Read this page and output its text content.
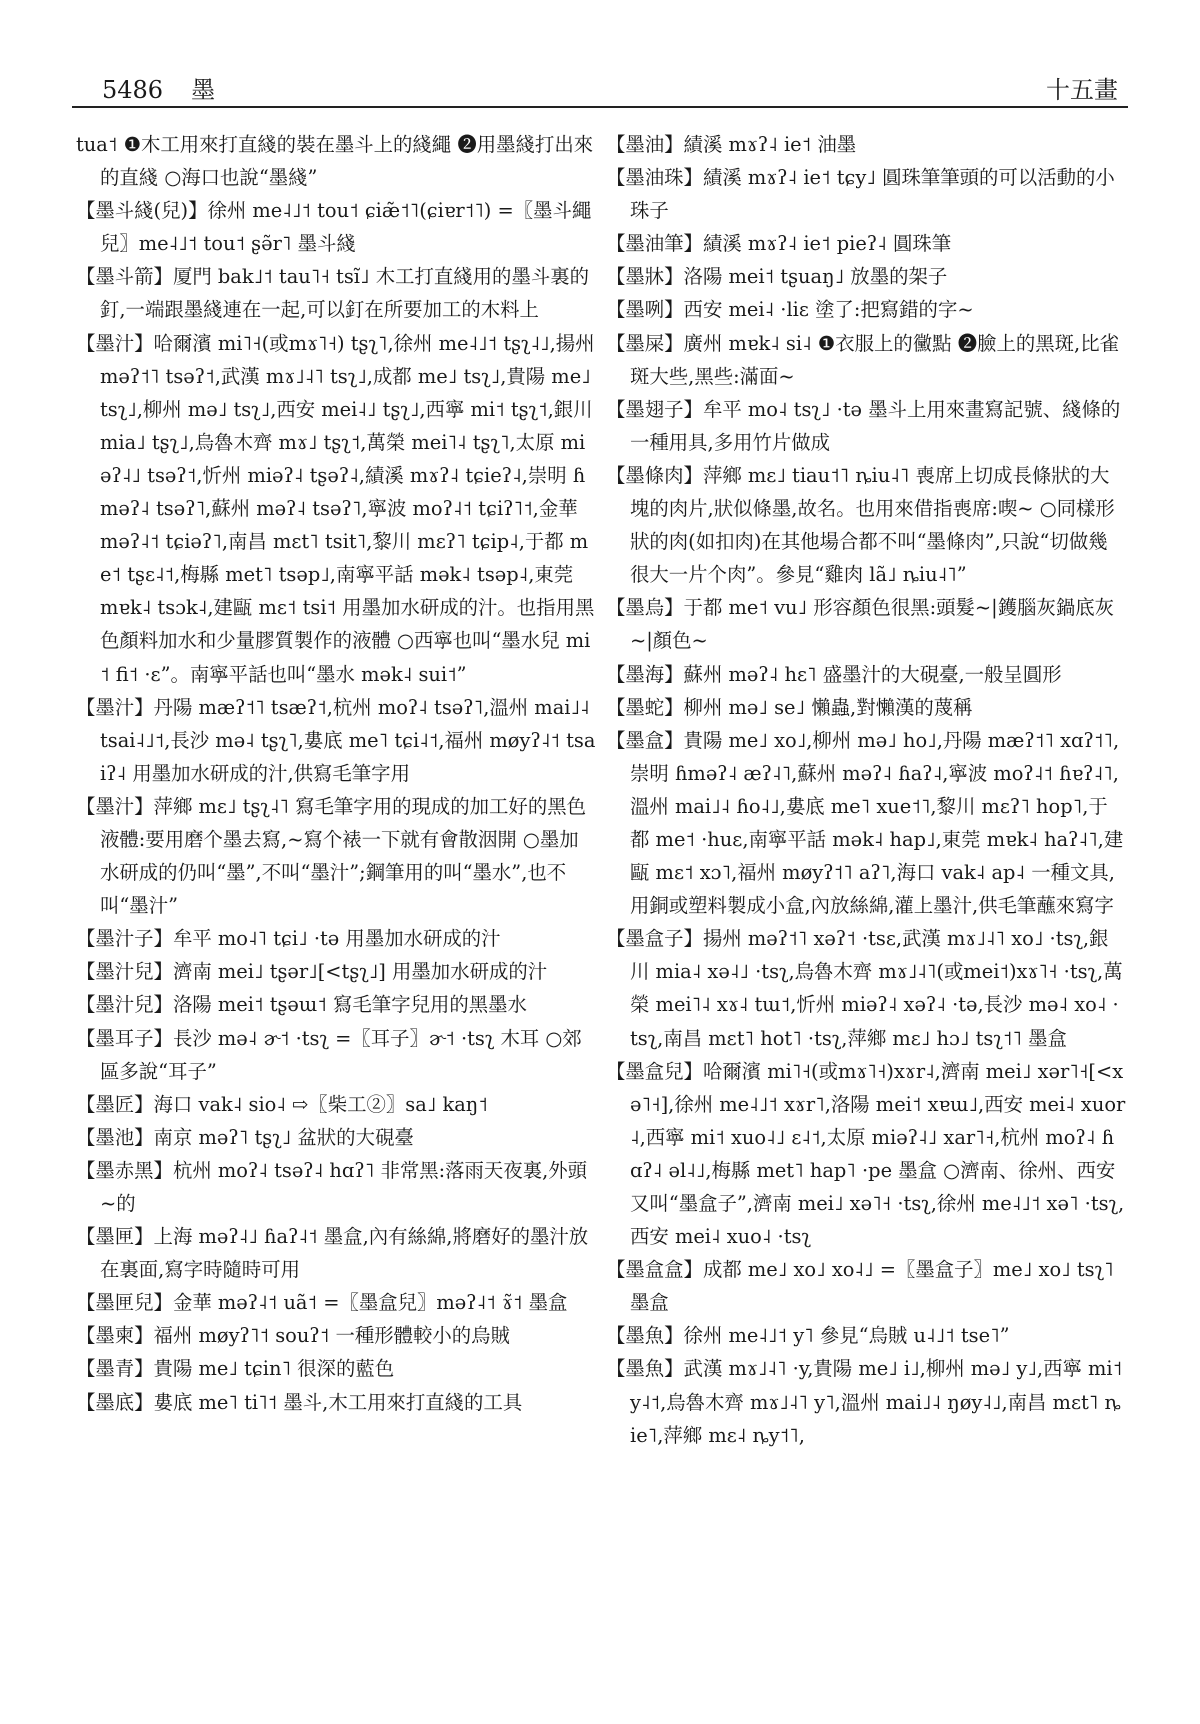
5486 墨	十五畫

tua˦ ❶木工用來打直綫的裝在墨斗上的綫繩 ❷用墨綫打出來的直綫 ○海口也說“墨綫”

【墨斗綫(兒)】徐州 me˨˩˦ tou˦ ɕiæ̃˦˥(ɕiɐr˦˥) =〖墨斗繩兒〗me˨˩˦ tou˦ ʂə̃r˥ 墨斗綫

【墨斗箭】厦門 bak˩˦ tau˥˧ tsĩ˩ 木工打直綫用的墨斗裏的釘,一端跟墨綫連在一起,可以釘在所要加工的木料上

【墨汁】哈爾濱 mi˥˧(或mɤ˥˧) tʂʅ˥,徐州 me˨˩˦ tʂʅ˨˩,揚州 məʔ˦˥ tsəʔ˦,武漢 mɤ˩˨˥ tsʅ˩,成都 me˩ tsʅ˩,貴陽 me˩ tsʅ˩,柳州 mə˩ tsʅ˩,西安 mei˨˩ tʂʅ˩,西寧 mi˦ tʂʅ˦,銀川 mia˩ tʂʅ˩,烏魯木齊 mɤ˩ tʂʅ˦,萬榮 mei˥˨ tʂʅ˥,太原 miəʔ˨˩ tsəʔ˦,忻州 miəʔ˨ tʂəʔ˨,績溪 mɤʔ˨ tɕieʔ˨,崇明 ɦməʔ˨ tsəʔ˥,蘇州 məʔ˨ tsəʔ˥,寧波 moʔ˨˦ tɕiʔ˥˦,金華 məʔ˨˦ tɕiəʔ˥,南昌 mɛt˥ tsit˥,黎川 mɛʔ˥ tɕip˨,于都 me˦ tʂɛ˨˦,梅縣 met˥ tsəp˩,南寧平話 mək˨ tsəp˨,東莞 mɐk˨ tsɔk˨,建甌 mɛ˦ tsi˦ 用墨加水研成的汁。也指用黑色顏料加水和少量膠質製作的液體 ○西寧也叫“墨水兒 mi˦ fi˦ ·ɛ”。南寧平話也叫“墨水 mək˨ sui˦”

【墨汁】丹陽 mæʔ˦˥ tsæʔ˦,杭州 moʔ˨ tsəʔ˥,溫州 mai˩˨ tsai˨˩˦,長沙 mə˨ tʂʅ˥,婁底 me˥ tɕi˨˦,福州 møyʔ˨˦ tsaiʔ˨ 用墨加水研成的汁,供寫毛筆字用

【墨汁】萍鄉 mɛ˩ tʂʅ˨˥ 寫毛筆字用的現成的加工好的黑色液體:要用磨个墨去寫,~寫个裱一下就有會散洇開 ○墨加水研成的仍叫“墨”,不叫“墨汁”;鋼筆用的叫“墨水”,也不叫“墨汁”

【墨汁子】牟平 mo˨˥ tɕi˩ ·tə 用墨加水研成的汁

【墨汁兒】濟南 mei˩ tʂər˩[<tʂʅ˩] 用墨加水研成的汁

【墨汁兒】洛陽 mei˦ tʂəɯ˦ 寫毛筆字兒用的黑墨水

【墨耳子】長沙 mə˨ ɚ˦ ·tsʅ =〖耳子〗ɚ˦ ·tsʅ 木耳 ○郊區多說“耳子”

【墨匠】海口 vak˨ sio˨ ⇨〖柴工②〗sa˩ kaŋ˦

【墨池】南京 məʔ˥ tʂʅ˩ 盆狀的大硯臺

【墨赤黑】杭州 moʔ˨ tsəʔ˨ hɑʔ˥ 非常黑:落雨天夜裏,外頭~的

【墨匣】上海 məʔ˨˩ ɦaʔ˨˦ 墨盒,內有絲綿,將磨好的墨汁放在裏面,寫字時隨時可用

【墨匣兒】金華 məʔ˨˦ uã˦ =〖墨盒兒〗məʔ˨˦ ɤ̃˦ 墨盒

【墨柬】福州 møyʔ˥˦ souʔ˦ 一種形體較小的烏賊

【墨青】貴陽 me˩ tɕin˥ 很深的藍色

【墨底】婁底 me˥ ti˥˦ 墨斗,木工用來打直綫的工具

【墨油】績溪 mɤʔ˨ ie˦ 油墨

【墨油珠】績溪 mɤʔ˨ ie˦ tɕy˩ 圓珠筆筆頭的可以活動的小珠子

【墨油筆】績溪 mɤʔ˨ ie˦ pieʔ˨ 圓珠筆

【墨牀】洛陽 mei˦ tʂuaŋ˩ 放墨的架子

【墨咧】西安 mei˨ ·liɛ 塗了:把寫錯的字~

【墨屎】廣州 mɐk˨ si˨ ❶衣服上的黴點 ❷臉上的黑斑,比雀斑大些,黑些:滿面~

【墨翅子】牟平 mo˨ tsʅ˩ ·tə 墨斗上用來畫寫記號、綫條的一種用具,多用竹片做成

【墨條肉】萍鄉 mɛ˩ tiau˦˥ ȵiu˨˥ 喪席上切成長條狀的大塊的肉片,狀似條墨,故名。也用來借指喪席:喫~ ○同樣形狀的肉(如扣肉)在其他場合都不叫“墨條肉”,只說“切做幾很大一片个肉”。參見“雞肉 lã˩ ȵiu˨˥”

【墨烏】于都 me˦ vu˩ 形容顏色很黑:頭髮~|鑊腦灰鍋底灰~|顏色~

【墨海】蘇州 məʔ˨ hɛ˥ 盛墨汁的大硯臺,一般呈圓形

【墨蛇】柳州 mə˩ se˩ 懶蟲,對懶漢的蔑稱

【墨盒】貴陽 me˩ xo˩,柳州 mə˩ ho˩,丹陽 mæʔ˦˥ xɑʔ˦˥,崇明 ɦməʔ˨ æʔ˨˥,蘇州 məʔ˨ ɦaʔ˨,寧波 moʔ˨˦ ɦɐʔ˨˥,溫州 mai˩˨ ɦo˨˩,婁底 me˥ xue˦˥,黎川 mɛʔ˥ hop˥,于都 me˦ ·huɛ,南寧平話 mək˨ hap˩,東莞 mɐk˨ haʔ˨˥,建甌 mɛ˦ xɔ˥,福州 møyʔ˦˥ aʔ˥,海口 vak˨ ap˨ 一種文具,用銅或塑料製成小盒,內放絲綿,灌上墨汁,供毛筆蘸來寫字

【墨盒子】揚州 məʔ˦˥ xəʔ˦ ·tsɛ,武漢 mɤ˩˨˥ xo˩ ·tsʅ,銀川 mia˨ xə˨˩ ·tsʅ,烏魯木齊 mɤ˩˨˥(或mei˦)xɤ˥˧ ·tsʅ,萬榮 mei˥˨ xɤ˨ tɯ˦,忻州 miəʔ˨ xəʔ˨ ·tə,長沙 mə˨ xo˨ ·tsʅ,南昌 mɛt˥ hot˥ ·tsʅ,萍鄉 mɛ˩ hɔ˩ tsʅ˦˥ 墨盒

【墨盒兒】哈爾濱 mi˥˧(或mɤ˥˧)xɤr˨,濟南 mei˩ xər˥˧[<xə˥˧],徐州 me˨˩˦ xɤr˥,洛陽 mei˦ xɐɯ˩,西安 mei˨ xuor˨,西寧 mi˦ xuo˨˩ ɛ˨˦,太原 miəʔ˨˩ xar˥˧,杭州 moʔ˨ ɦɑʔ˨ əl˨˩,梅縣 met˥ hap˥ ·pe 墨盒 ○濟南、徐州、西安又叫“墨盒子”,濟南 mei˩ xə˥˧ ·tsʅ,徐州 me˨˩˦ xə˥ ·tsʅ,西安 mei˨ xuo˨ ·tsʅ

【墨盒盒】成都 me˩ xo˩ xo˨˩ =〖墨盒子〗me˩ xo˩ tsʅ˥ 墨盒

【墨魚】徐州 me˨˩˦ y˥ 參見“烏賊 u˨˩˦ tse˥”

【墨魚】武漢 mɤ˩˨˥ ·y,貴陽 me˩ i˩,柳州 mə˩ y˩,西寧 mi˦ y˨˦,烏魯木齊 mɤ˩˨˥ y˥,溫州 mai˩˨ ŋøy˨˩,南昌 mɛt˥ ȵie˥,萍鄉 mɛ˨ ȵy˦˥,
